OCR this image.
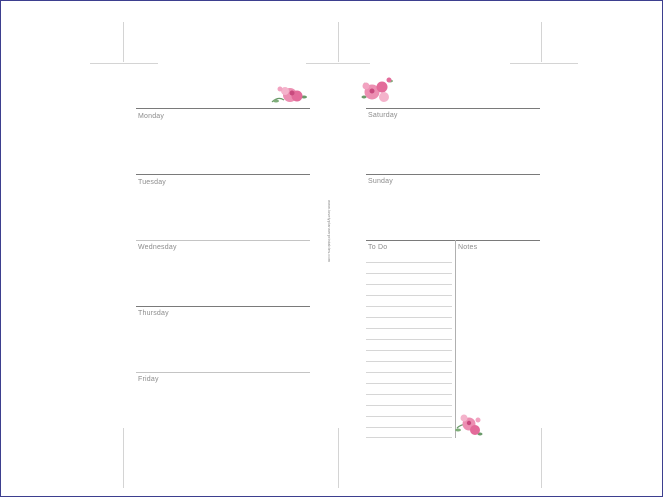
Monday
Tuesday
Wednesday
Thursday
Friday
www.lovelyplannerprintables.com
Saturday
Sunday
To Do	Notes
